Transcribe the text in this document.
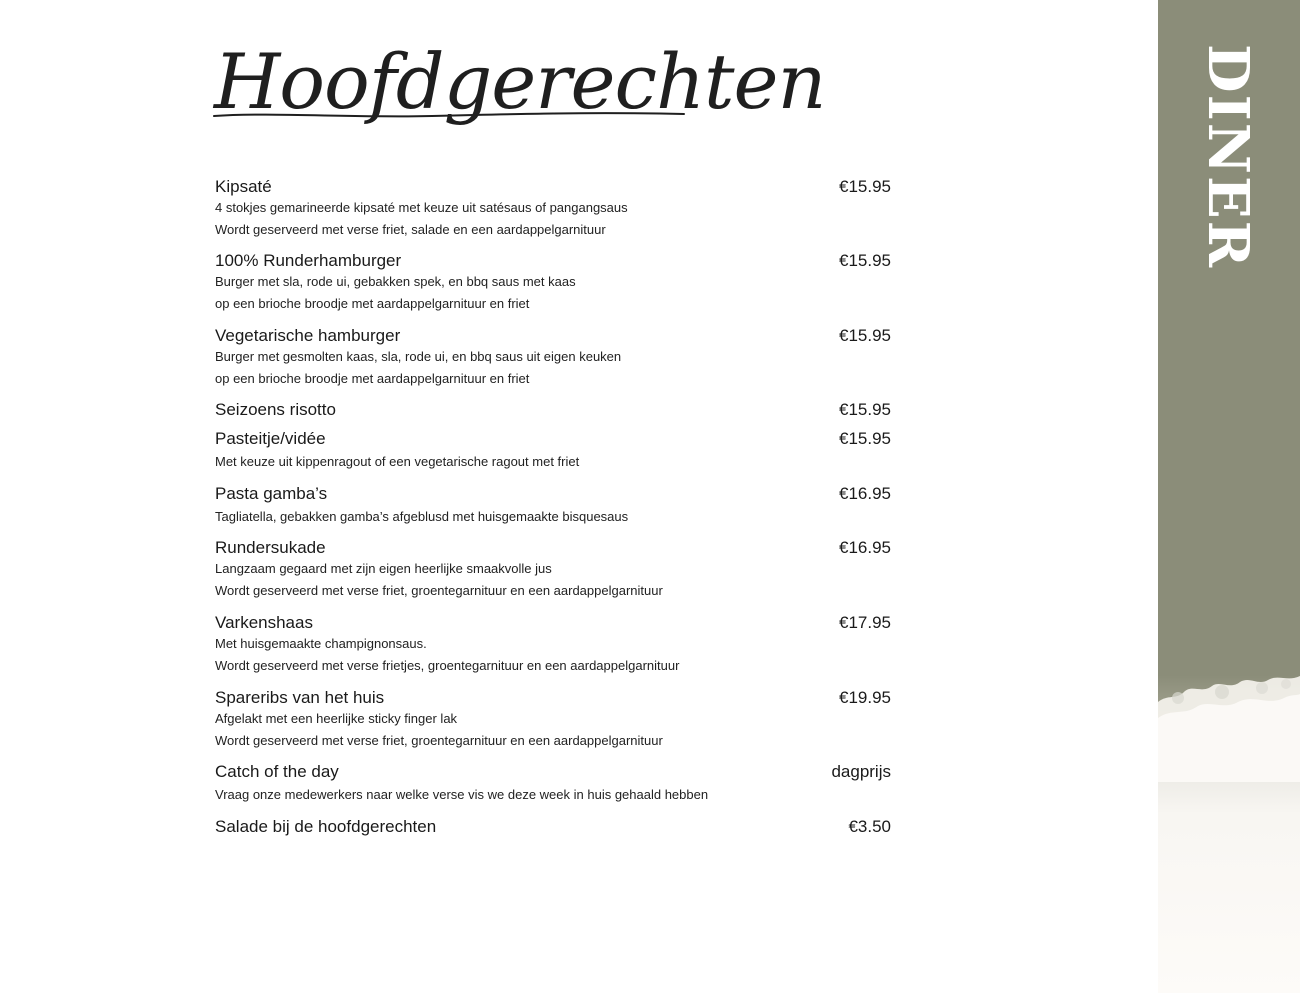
Hoofdgerechten
Kipsaté	€15.95
4 stokjes gemarineerde kipsaté met keuze uit satésaus of pangangsaus
Wordt geserveerd met verse friet, salade en een aardappelgarnituur
100% Runderhamburger	€15.95
Burger met sla, rode ui, gebakken spek, en bbq saus met kaas
op een brioche broodje met aardappelgarnituur en friet
Vegetarische hamburger	€15.95
Burger met gesmolten kaas, sla, rode ui, en bbq saus uit eigen keuken
op een brioche broodje met aardappelgarnituur en friet
Seizoens risotto	€15.95
Pasteitje/vidée	€15.95
Met keuze uit kippenragout of een vegetarische ragout met friet
Pasta gamba’s	€16.95
Tagliatella, gebakken gamba’s afgeblusd met huisgemaakte bisquesaus
Rundersukade	€16.95
Langzaam gegaard met zijn eigen heerlijke smaakvolle jus
Wordt geserveerd met verse friet, groentegarnituur en een aardappelgarnituur
Varkenshaas	€17.95
Met huisgemaakte champignonsaus.
Wordt geserveerd met verse frietjes, groentegarnituur en een aardappelgarnituur
Spareribs van het huis	€19.95
Afgelakt met een heerlijke sticky finger lak
Wordt geserveerd met verse friet, groentegarnituur en een aardappelgarnituur
Catch of the day	dagprijs
Vraag onze medewerkers naar welke verse vis we deze week in huis gehaald hebben
Salade bij de hoofdgerechten	€3.50
DINER
